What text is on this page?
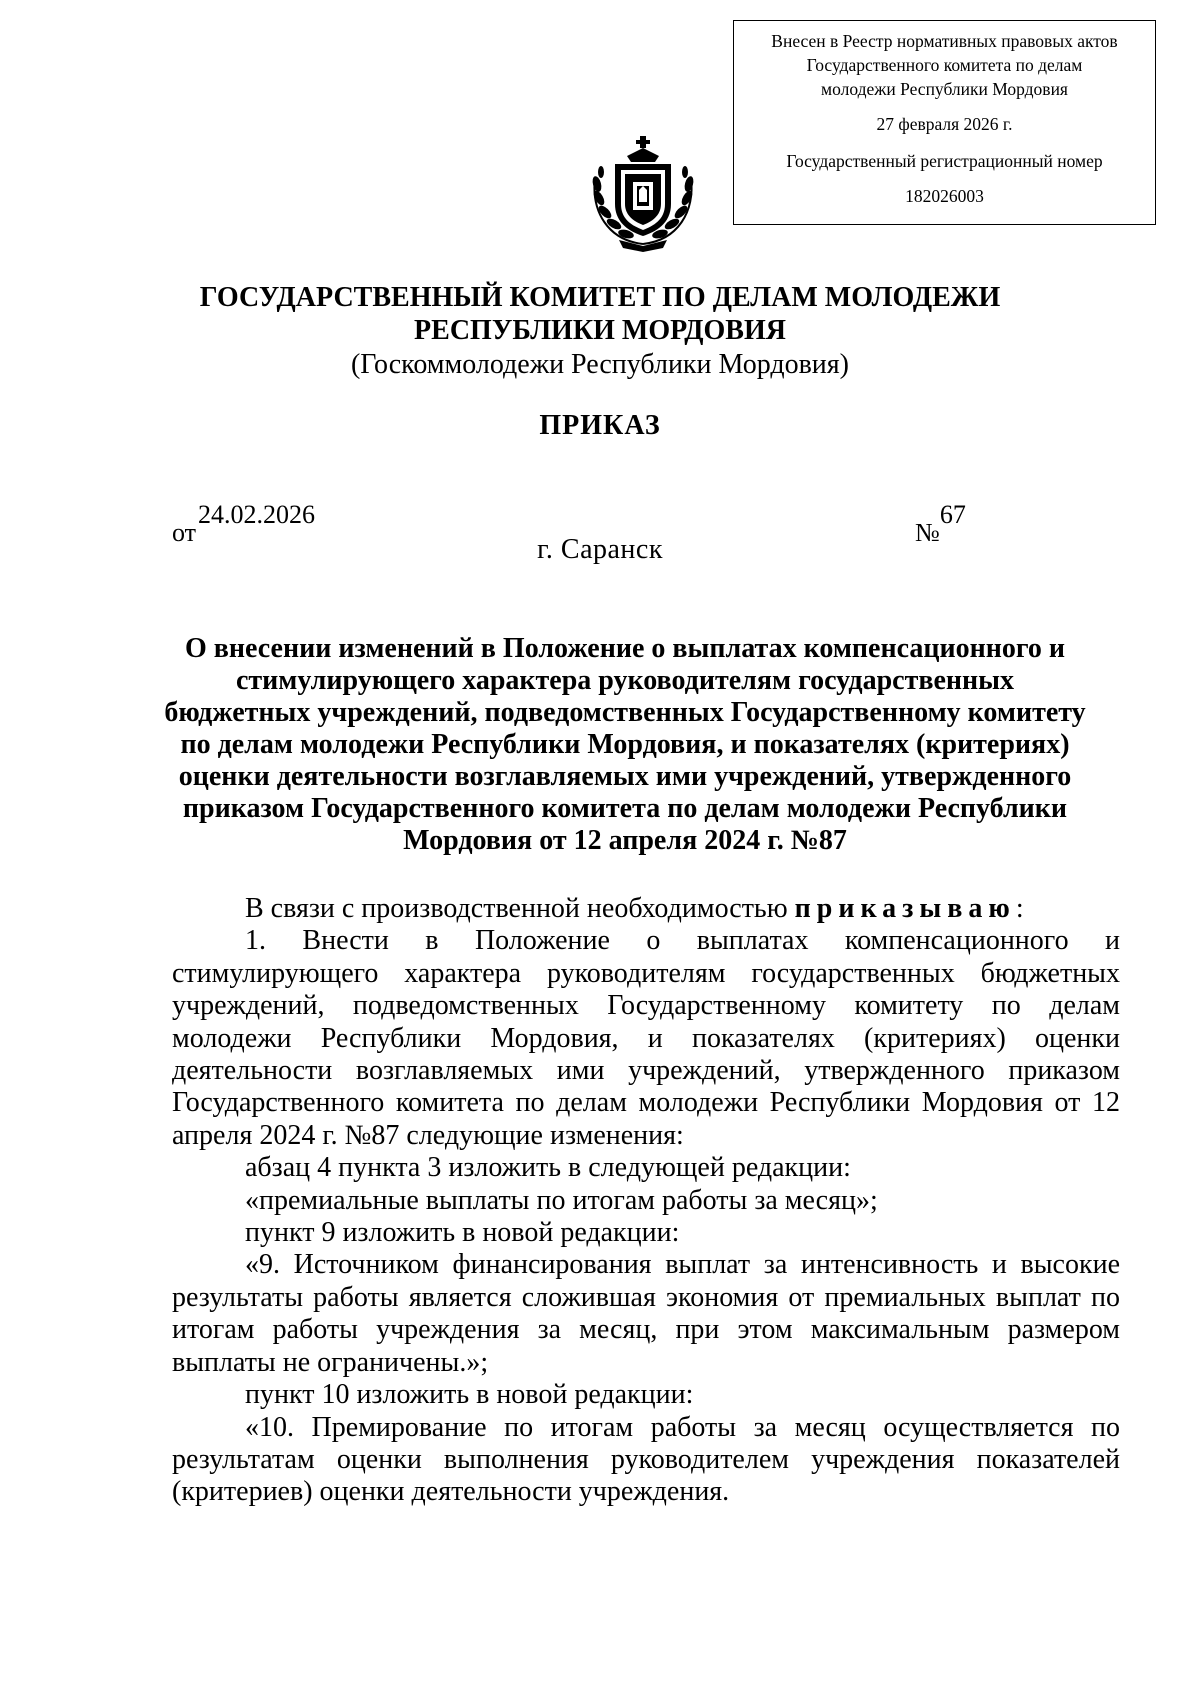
Внесен в Реестр нормативных правовых актов
Государственного комитета по делам
молодежи Республики Мордовия
27 февраля 2026 г.
Государственный регистрационный номер
182026003
ГОСУДАРСТВЕННЫЙ КОМИТЕТ ПО ДЕЛАМ МОЛОДЕЖИ
РЕСПУБЛИКИ МОРДОВИЯ
(Госкоммолодежи Республики Мордовия)
ПРИКАЗ
от24.02.2026
№67
г. Саранск
О внесении изменений в Положение о выплатах компенсационного и
стимулирующего характера руководителям государственных
бюджетных учреждений, подведомственных Государственному комитету
по делам молодежи Республики Мордовия, и показателях (критериях)
оценки деятельности возглавляемых ими учреждений, утвержденного
приказом Государственного комитета по делам молодежи Республики
Мордовия от 12 апреля 2024 г. №87

В связи с производственной необходимостью приказываю:

1. Внести в Положение о выплатах компенсационного и стимулирующего характера руководителям государственных бюджетных учреждений, подведомственных Государственному комитету по делам молодежи Республики Мордовия, и показателях (критериях) оценки деятельности возглавляемых ими учреждений, утвержденного приказом Государственного комитета по делам молодежи Республики Мордовия от 12 апреля 2024 г. №87 следующие изменения:

абзац 4 пункта 3 изложить в следующей редакции:

«премиальные выплаты по итогам работы за месяц»;

пункт 9 изложить в новой редакции:

«9. Источником финансирования выплат за интенсивность и высокие результаты работы является сложившая экономия от премиальных выплат по итогам работы учреждения за месяц, при этом максимальным размером выплаты не ограничены.»;

пункт 10 изложить в новой редакции:

«10. Премирование по итогам работы за месяц осуществляется по результатам оценки выполнения руководителем учреждения показателей (критериев) оценки деятельности учреждения.
